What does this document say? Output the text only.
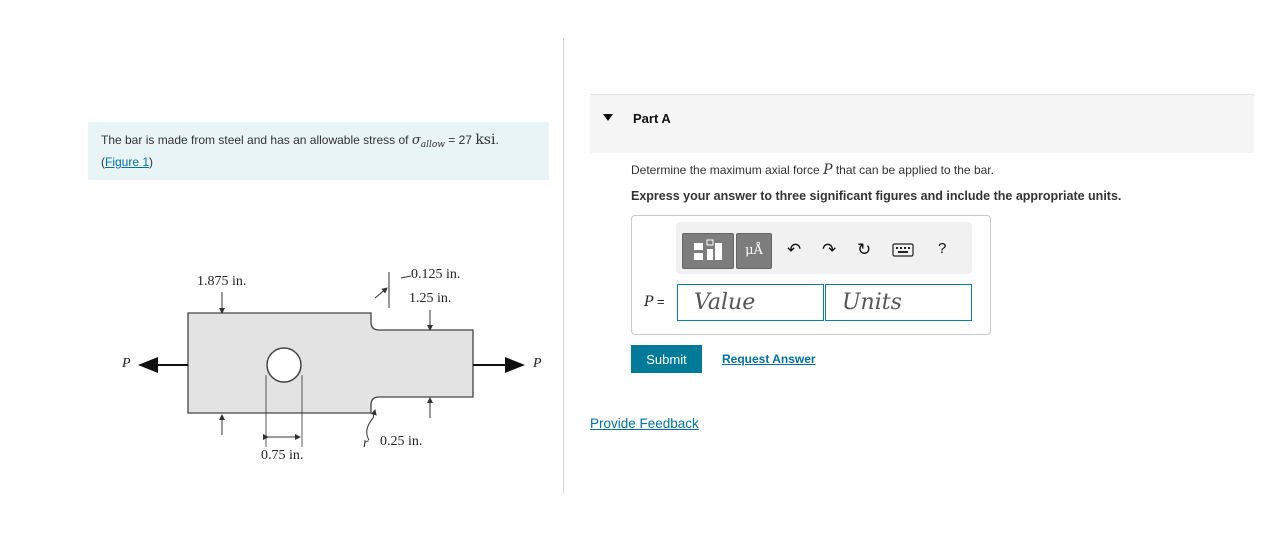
The bar is made from steel and has an allowable stress of $\sigma_{allow} = 27$ ksi.
(Figure 1)
1.875 in.	0.125 in.
1.25 in.
0.75 in.
r 0.25 in.
P	P
Part A
Determine the maximum axial force P that can be applied to the bar.
Express your answer to three significant figures and include the appropriate units.
μÅ	↶ ↷ ↻	?
P =	Value	Units
Submit	Request Answer
Provide Feedback
